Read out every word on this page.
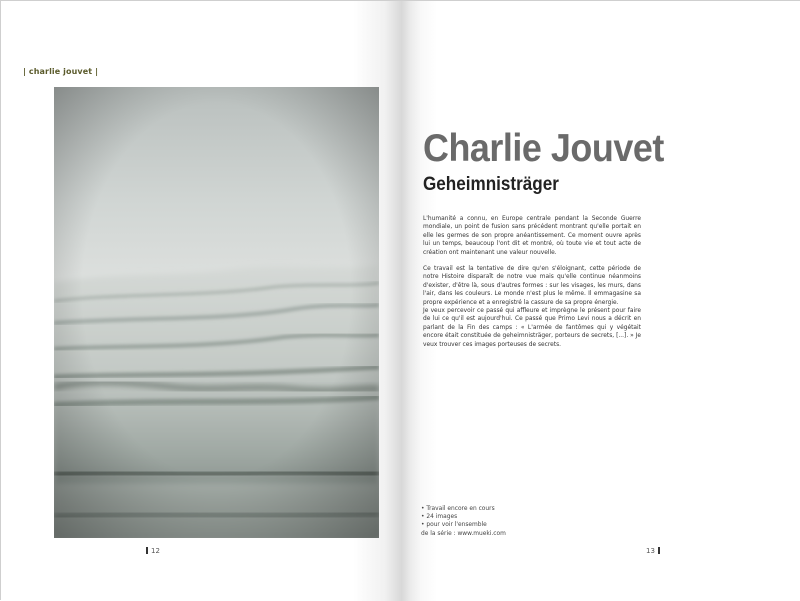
| charlie jouvet |
12
Charlie Jouvet
Geheimnisträger

L'humanité a connu, en Europe centrale pendant la Seconde Guerre mondiale, un point de fusion sans précédent montrant qu'elle portait en elle les germes de son propre anéantissement. Ce moment ouvre après lui un temps, beaucoup l'ont dit et montré, où toute vie et tout acte de création ont maintenant une valeur nouvelle.

Ce travail est la tentative de dire qu'en s'éloignant, cette période de notre Histoire disparaît de notre vue mais qu'elle continue néanmoins d'exister, d'être là, sous d'autres formes : sur les visages, les murs, dans l'air, dans les couleurs. Le monde n'est plus le même. Il emmagasine sa propre expérience et a enregistré la cassure de sa propre énergie.

Je veux percevoir ce passé qui affleure et imprègne le présent pour faire de lui ce qu'il est aujourd'hui. Ce passé que Primo Levi nous a décrit en parlant de la Fin des camps : « L'armée de fantômes qui y végétait encore était constituée de geheimnisträger, porteurs de secrets, [...]. » Je veux trouver ces images porteuses de secrets.

• Travail encore en cours
• 24 images
• pour voir l'ensemble
de la série : www.mueki.com
13
